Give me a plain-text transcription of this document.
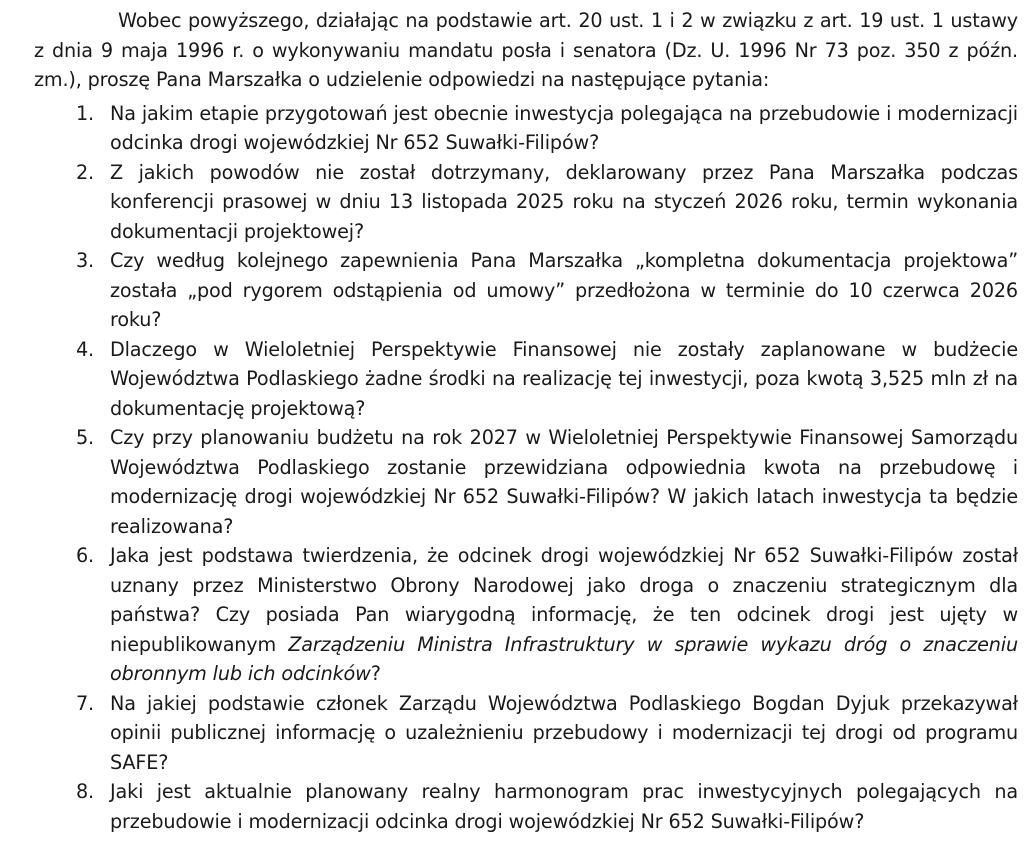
Wobec powyższego, działając na podstawie art. 20 ust. 1 i 2 w związku z art. 19 ust. 1 ustawy z dnia 9 maja 1996 r. o wykonywaniu mandatu posła i senatora (Dz. U. 1996 Nr 73 poz. 350 z późn. zm.), proszę Pana Marszałka o udzielenie odpowiedzi na następujące pytania:

1. Na jakim etapie przygotowań jest obecnie inwestycja polegająca na przebudowie i modernizacji odcinka drogi wojewódzkiej Nr 652 Suwałki-Filipów?
2. Z jakich powodów nie został dotrzymany, deklarowany przez Pana Marszałka podczas konferencji prasowej w dniu 13 listopada 2025 roku na styczeń 2026 roku, termin wykonania dokumentacji projektowej?
3. Czy według kolejnego zapewnienia Pana Marszałka „kompletna dokumentacja projektowa” została „pod rygorem odstąpienia od umowy” przedłożona w terminie do 10 czerwca 2026 roku?
4. Dlaczego w Wieloletniej Perspektywie Finansowej nie zostały zaplanowane w budżecie Województwa Podlaskiego żadne środki na realizację tej inwestycji, poza kwotą 3,525 mln zł na dokumentację projektową?
5. Czy przy planowaniu budżetu na rok 2027 w Wieloletniej Perspektywie Finansowej Samorządu Województwa Podlaskiego zostanie przewidziana odpowiednia kwota na przebudowę i modernizację drogi wojewódzkiej Nr 652 Suwałki-Filipów? W jakich latach inwestycja ta będzie realizowana?
6. Jaka jest podstawa twierdzenia, że odcinek drogi wojewódzkiej Nr 652 Suwałki-Filipów został uznany przez Ministerstwo Obrony Narodowej jako droga o znaczeniu strategicznym dla państwa? Czy posiada Pan wiarygodną informację, że ten odcinek drogi jest ujęty w niepublikowanym Zarządzeniu Ministra Infrastruktury w sprawie wykazu dróg o znaczeniu obronnym lub ich odcinków?
7. Na jakiej podstawie członek Zarządu Województwa Podlaskiego Bogdan Dyjuk przekazywał opinii publicznej informację o uzależnieniu przebudowy i modernizacji tej drogi od programu SAFE?
8. Jaki jest aktualnie planowany realny harmonogram prac inwestycyjnych polegających na przebudowie i modernizacji odcinka drogi wojewódzkiej Nr 652 Suwałki-Filipów?
